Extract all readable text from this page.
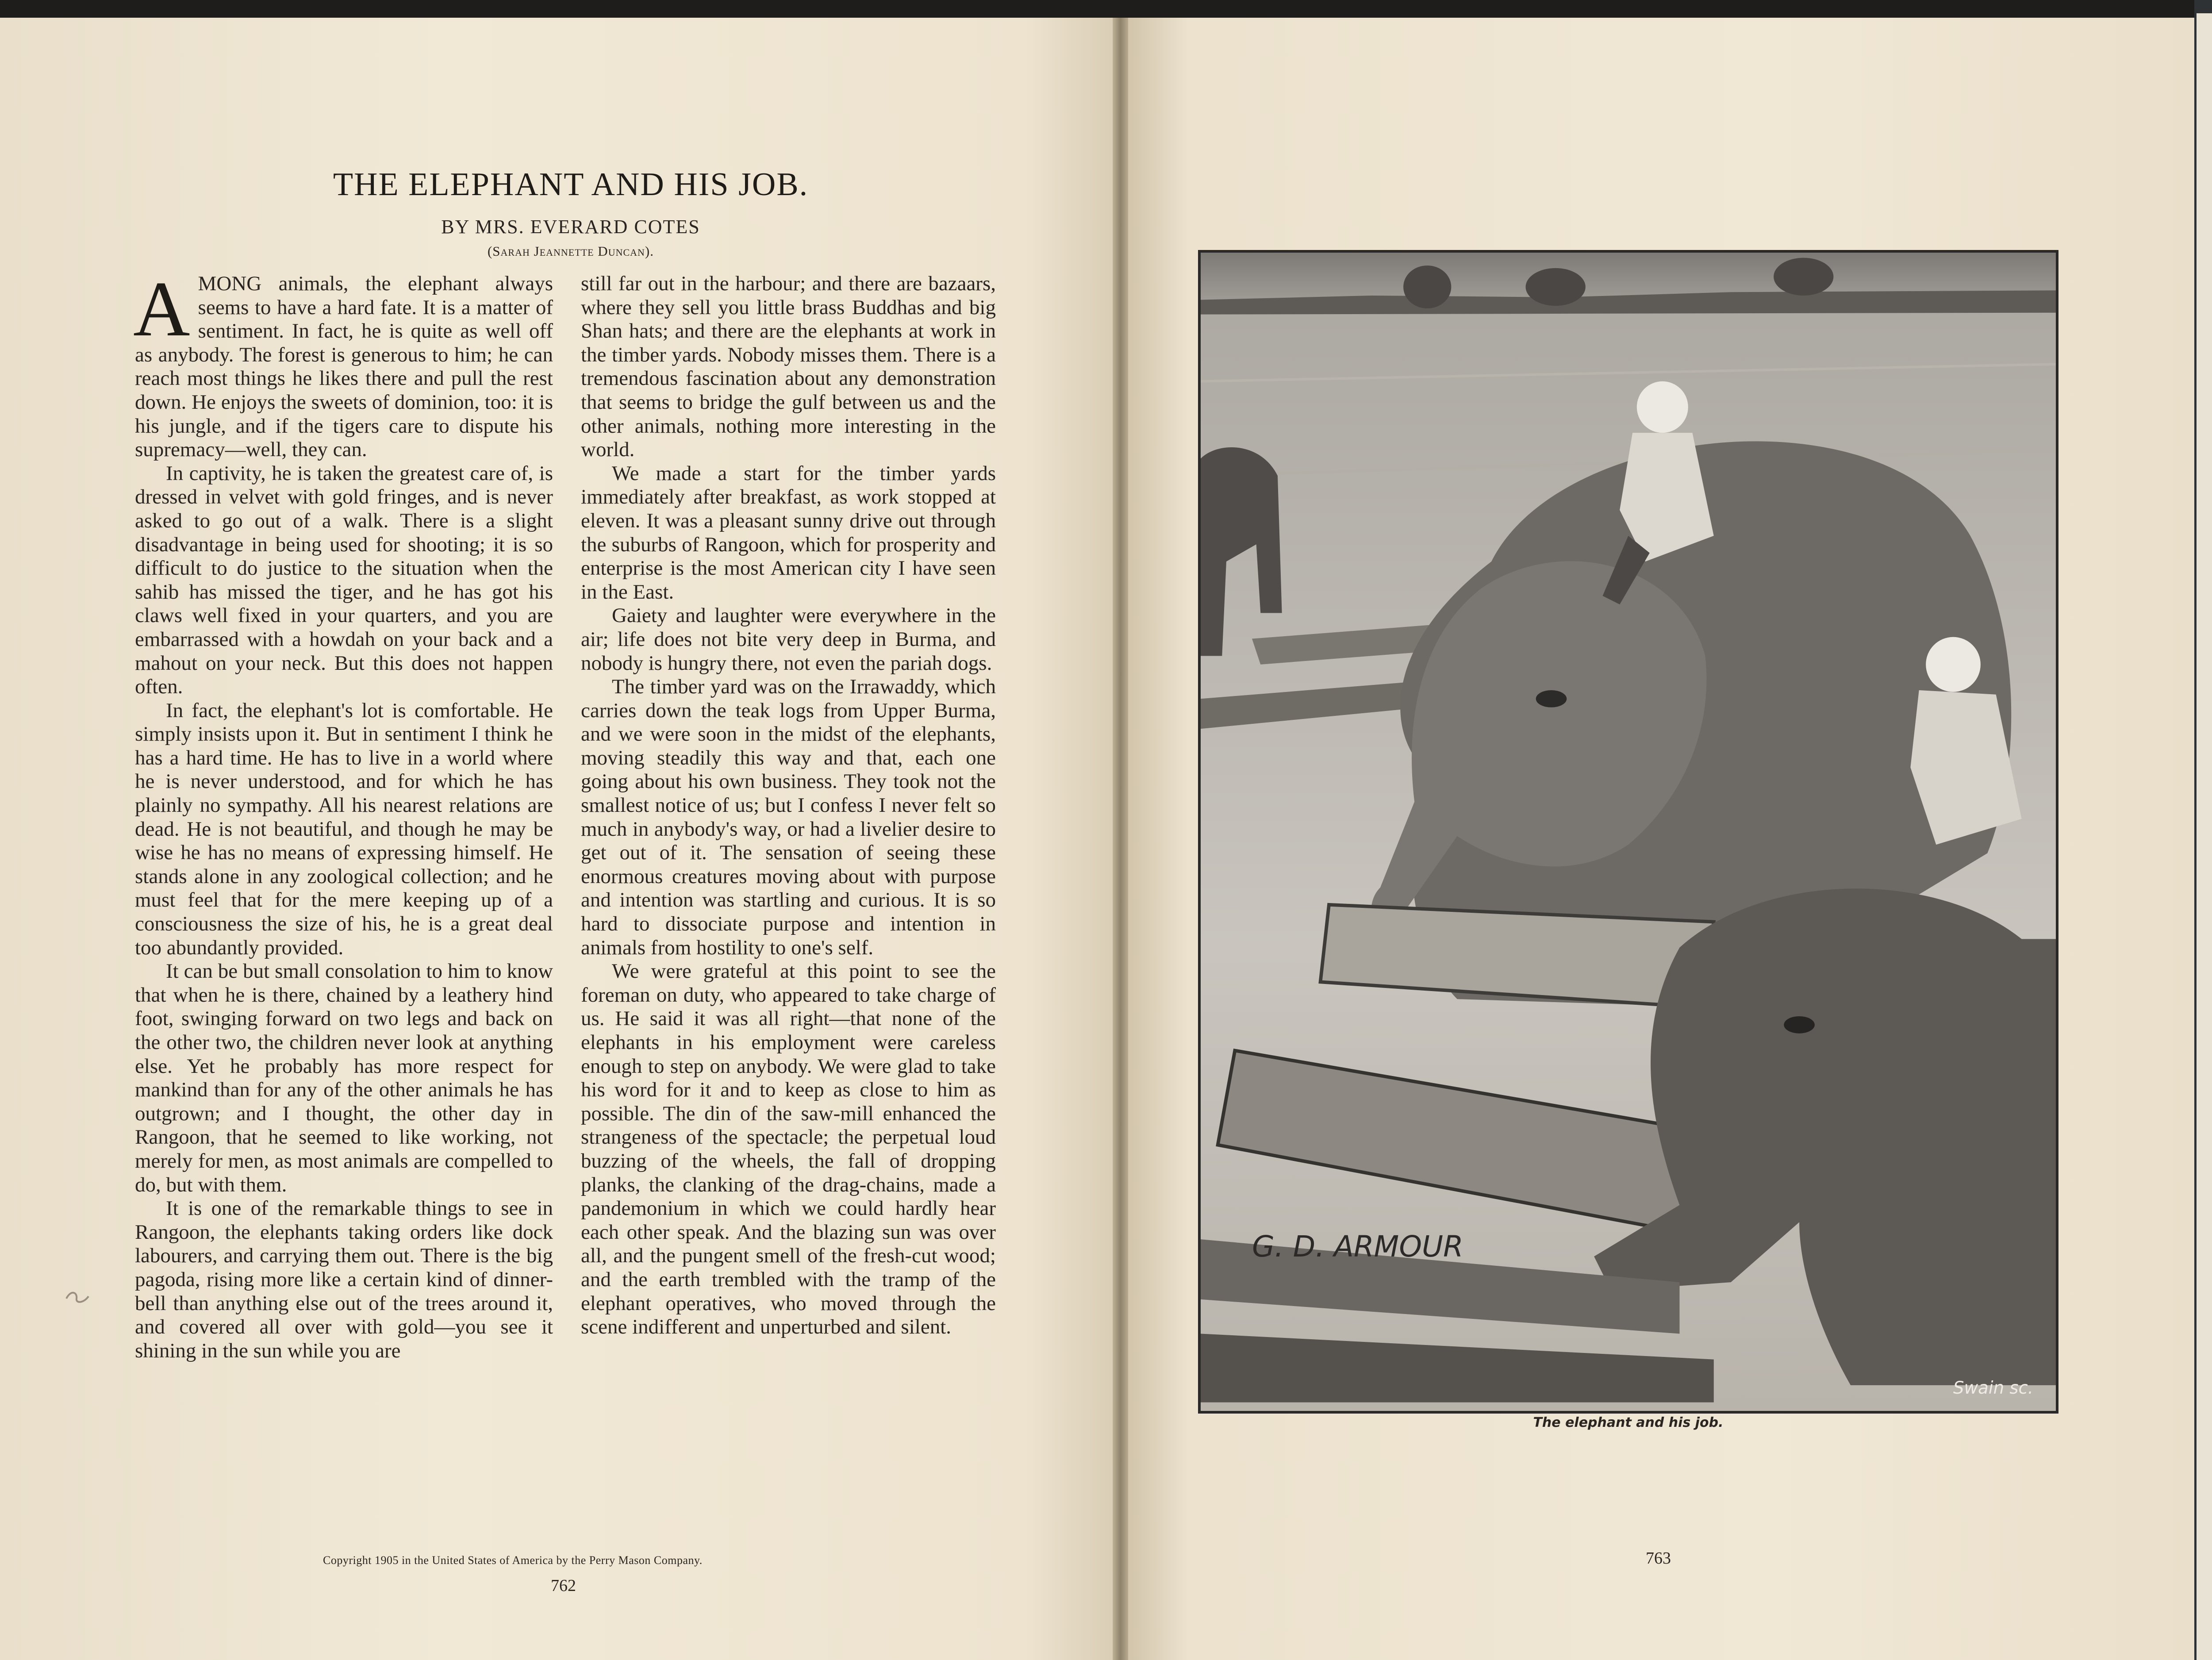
THE ELEPHANT AND HIS JOB.
BY MRS. EVERARD COTES
(Sarah Jeannette Duncan).

AMONG animals, the elephant always seems to have a hard fate. It is a matter of sentiment. In fact, he is quite as well off as anybody. The forest is generous to him; he can reach most things he likes there and pull the rest down. He enjoys the sweets of dominion, too: it is his jungle, and if the tigers care to dispute his supremacy—well, they can.

In captivity, he is taken the greatest care of, is dressed in velvet with gold fringes, and is never asked to go out of a walk. There is a slight disadvantage in being used for shooting; it is so difficult to do justice to the situation when the sahib has missed the tiger, and he has got his claws well fixed in your quarters, and you are embarrassed with a howdah on your back and a mahout on your neck. But this does not happen often.

In fact, the elephant's lot is comfortable. He simply insists upon it. But in sentiment I think he has a hard time. He has to live in a world where he is never understood, and for which he has plainly no sympathy. All his nearest relations are dead. He is not beautiful, and though he may be wise he has no means of expressing himself. He stands alone in any zoological collection; and he must feel that for the mere keeping up of a consciousness the size of his, he is a great deal too abundantly provided.

It can be but small consolation to him to know that when he is there, chained by a leathery hind foot, swinging forward on two legs and back on the other two, the children never look at anything else. Yet he probably has more respect for mankind than for any of the other animals he has outgrown; and I thought, the other day in Rangoon, that he seemed to like working, not merely for men, as most animals are compelled to do, but with them.

It is one of the remarkable things to see in Rangoon, the elephants taking orders like dock labourers, and carrying them out. There is the big pagoda, rising more like a certain kind of dinner-bell than anything else out of the trees around it, and covered all over with gold—you see it shining in the sun while you are

still far out in the harbour; and there are bazaars, where they sell you little brass Buddhas and big Shan hats; and there are the elephants at work in the timber yards. Nobody misses them. There is a tremendous fascination about any demonstration that seems to bridge the gulf between us and the other animals, nothing more interesting in the world.

We made a start for the timber yards immediately after breakfast, as work stopped at eleven. It was a pleasant sunny drive out through the suburbs of Rangoon, which for prosperity and enterprise is the most American city I have seen in the East.

Gaiety and laughter were everywhere in the air; life does not bite very deep in Burma, and nobody is hungry there, not even the pariah dogs.

The timber yard was on the Irrawaddy, which carries down the teak logs from Upper Burma, and we were soon in the midst of the elephants, moving steadily this way and that, each one going about his own business. They took not the smallest notice of us; but I confess I never felt so much in anybody's way, or had a livelier desire to get out of it. The sensation of seeing these enormous creatures moving about with purpose and intention was startling and curious. It is so hard to dissociate purpose and intention in animals from hostility to one's self.

We were grateful at this point to see the foreman on duty, who appeared to take charge of us. He said it was all right—that none of the elephants in his employment were careless enough to step on anybody. We were glad to take his word for it and to keep as close to him as possible. The din of the saw-mill enhanced the strangeness of the spectacle; the perpetual loud buzzing of the wheels, the fall of dropping planks, the clanking of the drag-chains, made a pandemonium in which we could hardly hear each other speak. And the blazing sun was over all, and the pungent smell of the fresh-cut wood; and the earth trembled with the tramp of the elephant operatives, who moved through the scene indifferent and unperturbed and silent.

Copyright 1905 in the United States of America by the Perry Mason Company.
762
G. D. ARMOUR
Swain sc.
The elephant and his job.
763
